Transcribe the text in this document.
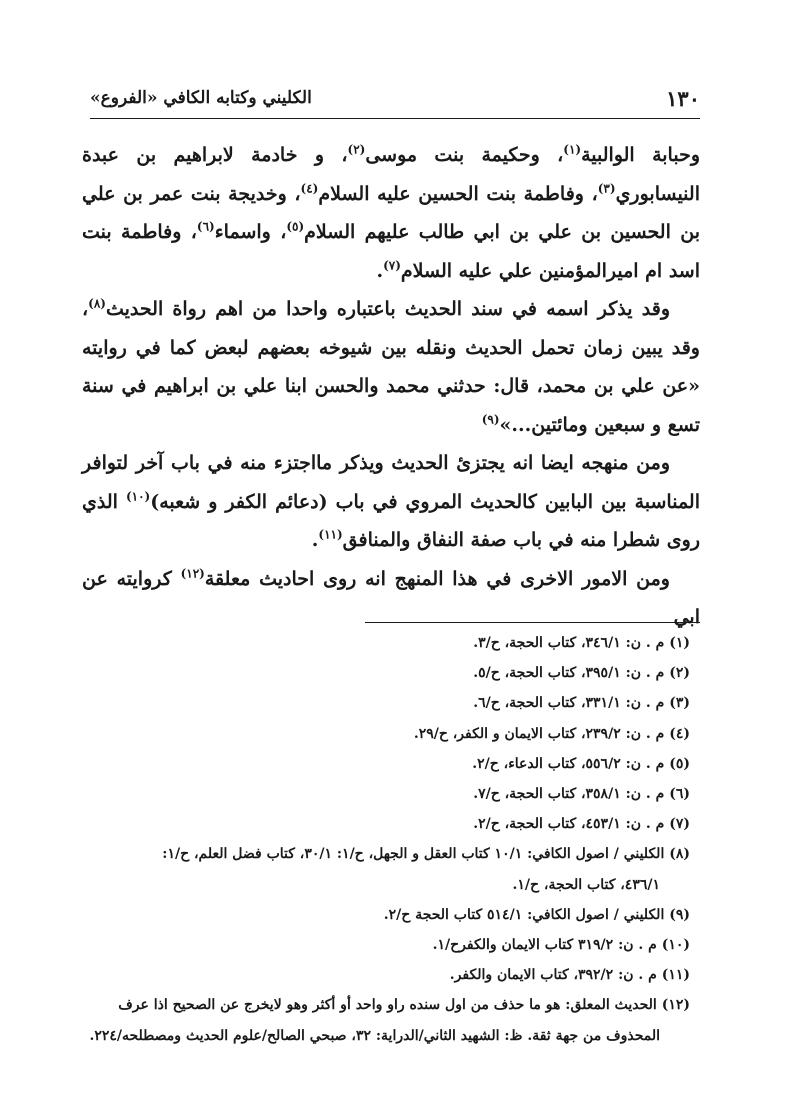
١٣٠
الكليني وكتابه الكافي «الفروع»

وحبابة الوالبية$^{(١)}$، وحكيمة بنت موسى$^{(٢)}$، و خادمة لابراهيم بن عبدة النيسابوري$^{(٣)}$، وفاطمة بنت الحسين عليه السلام$^{(٤)}$، وخديجة بنت عمر بن علي بن الحسين بن علي بن ابي طالب عليهم السلام$^{(٥)}$، واسماء$^{(٦)}$، وفاطمة بنت اسد ام اميرالمؤمنين علي عليه السلام$^{(٧)}$.

وقد يذكر اسمه في سند الحديث باعتباره واحدا من اهم رواة الحديث$^{(٨)}$، وقد يبين زمان تحمل الحديث ونقله بين شيوخه بعضهم لبعض كما في روايته «عن علي بن محمد، قال: حدثني محمد والحسن ابنا علي بن ابراهيم في سنة تسع و سبعين ومائتين...»$^{(٩)}$

ومن منهجه ايضا انه يجتزئ الحديث ويذكر مااجتزء منه في باب آخر لتوافر المناسبة بين البابين كالحديث المروي في باب (دعائم الكفر و شعبه)$^{(١٠)}$ الذي روى شطرا منه في باب صفة النفاق والمنافق$^{(١١)}$.

ومن الامور الاخرى في هذا المنهج انه روى احاديث معلقة$^{(١٢)}$ كروايته عن ابي

(١) م . ن: ٣٤٦/١، كتاب الحجة، ح/٣.
(٢) م . ن: ٣٩٥/١، كتاب الحجة، ح/٥.
(٣) م . ن: ٣٣١/١، كتاب الحجة، ح/٦.
(٤) م . ن: ٢٣٩/٢، كتاب الايمان و الكفر، ح/٢٩.
(٥) م . ن: ٥٥٦/٢، كتاب الدعاء، ح/٢.
(٦) م . ن: ٣٥٨/١، كتاب الحجة، ح/٧.
(٧) م . ن: ٤٥٣/١، كتاب الحجة، ح/٢.
(٨) الكليني / اصول الكافي: ١٠/١ كتاب العقل و الجهل، ح/١: ٣٠/١، كتاب فضل العلم، ح/١:
٤٣٦/١، كتاب الحجة، ح/١.
(٩) الكليني / اصول الكافي: ٥١٤/١ كتاب الحجة ح/٢.
(١٠) م . ن: ٣١٩/٢ كتاب الايمان والكفرح/١.
(١١) م . ن: ٣٩٢/٢، كتاب الايمان والكفر.
(١٢) الحديث المعلق: هو ما حذف من اول سنده راو واحد أو أكثر وهو لايخرج عن الصحيح اذا عرف
المحذوف من جهة ثقة. ظ: الشهيد الثاني/الدراية: ٣٢، صبحي الصالح/علوم الحديث ومصطلحه/٢٢٤.
